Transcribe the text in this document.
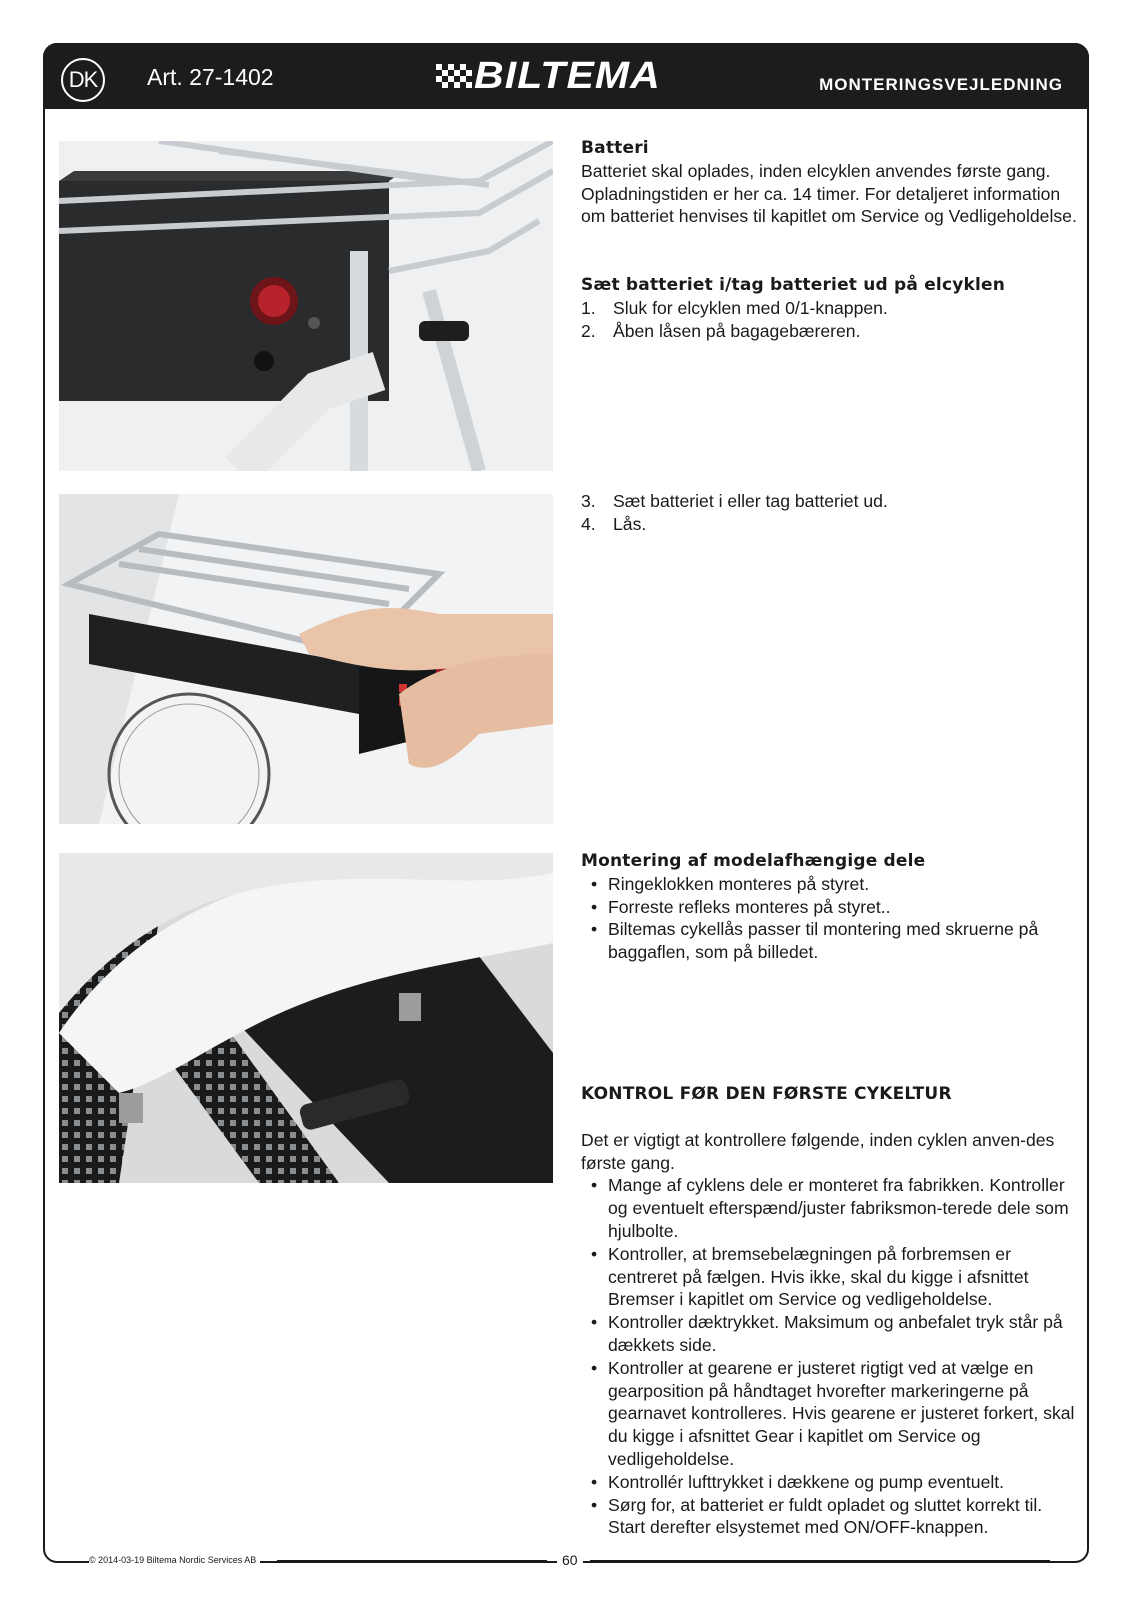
DK	Art. 27-1402	BILTEMA	MONTERINGSVEJLEDNING

Batteri

Batteriet skal oplades, inden elcyklen anvendes første gang. Opladningstiden er her ca. 14 timer. For detaljeret information om batteriet henvises til kapitlet om Service og Vedligeholdelse.

Sæt batteriet i/tag batteriet ud på elcyklen

1. Sluk for elcyklen med 0/1-knappen.
2. Åben låsen på bagagebæreren.
3. Sæt batteriet i eller tag batteriet ud.
4. Lås.

Montering af modelafhængige dele

• Ringeklokken monteres på styret.
• Forreste refleks monteres på styret..
• Biltemas cykellås passer til montering med skruerne på baggaflen, som på billedet.

KONTROL FØR DEN FØRSTE CYKELTUR

Det er vigtigt at kontrollere følgende, inden cyklen anven-des første gang.

• Mange af cyklens dele er monteret fra fabrikken. Kontroller og eventuelt efterspænd/juster fabriksmon-terede dele som hjulbolte.
• Kontroller, at bremsebelægningen på forbremsen er centreret på fælgen. Hvis ikke, skal du kigge i afsnittet Bremser i kapitlet om Service og vedligeholdelse.
• Kontroller dæktrykket. Maksimum og anbefalet tryk står på dækkets side.
• Kontroller at gearene er justeret rigtigt ved at vælge en gearposition på håndtaget hvorefter markeringerne på gearnavet kontrolleres. Hvis gearene er justeret forkert, skal du kigge i afsnittet Gear i kapitlet om Service og vedligeholdelse.
• Kontrollér lufttrykket i dækkene og pump eventuelt.
• Sørg for, at batteriet er fuldt opladet og sluttet korrekt til. Start derefter elsystemet med ON/OFF-knappen.
© 2014-03-19 Biltema Nordic Services AB	60
